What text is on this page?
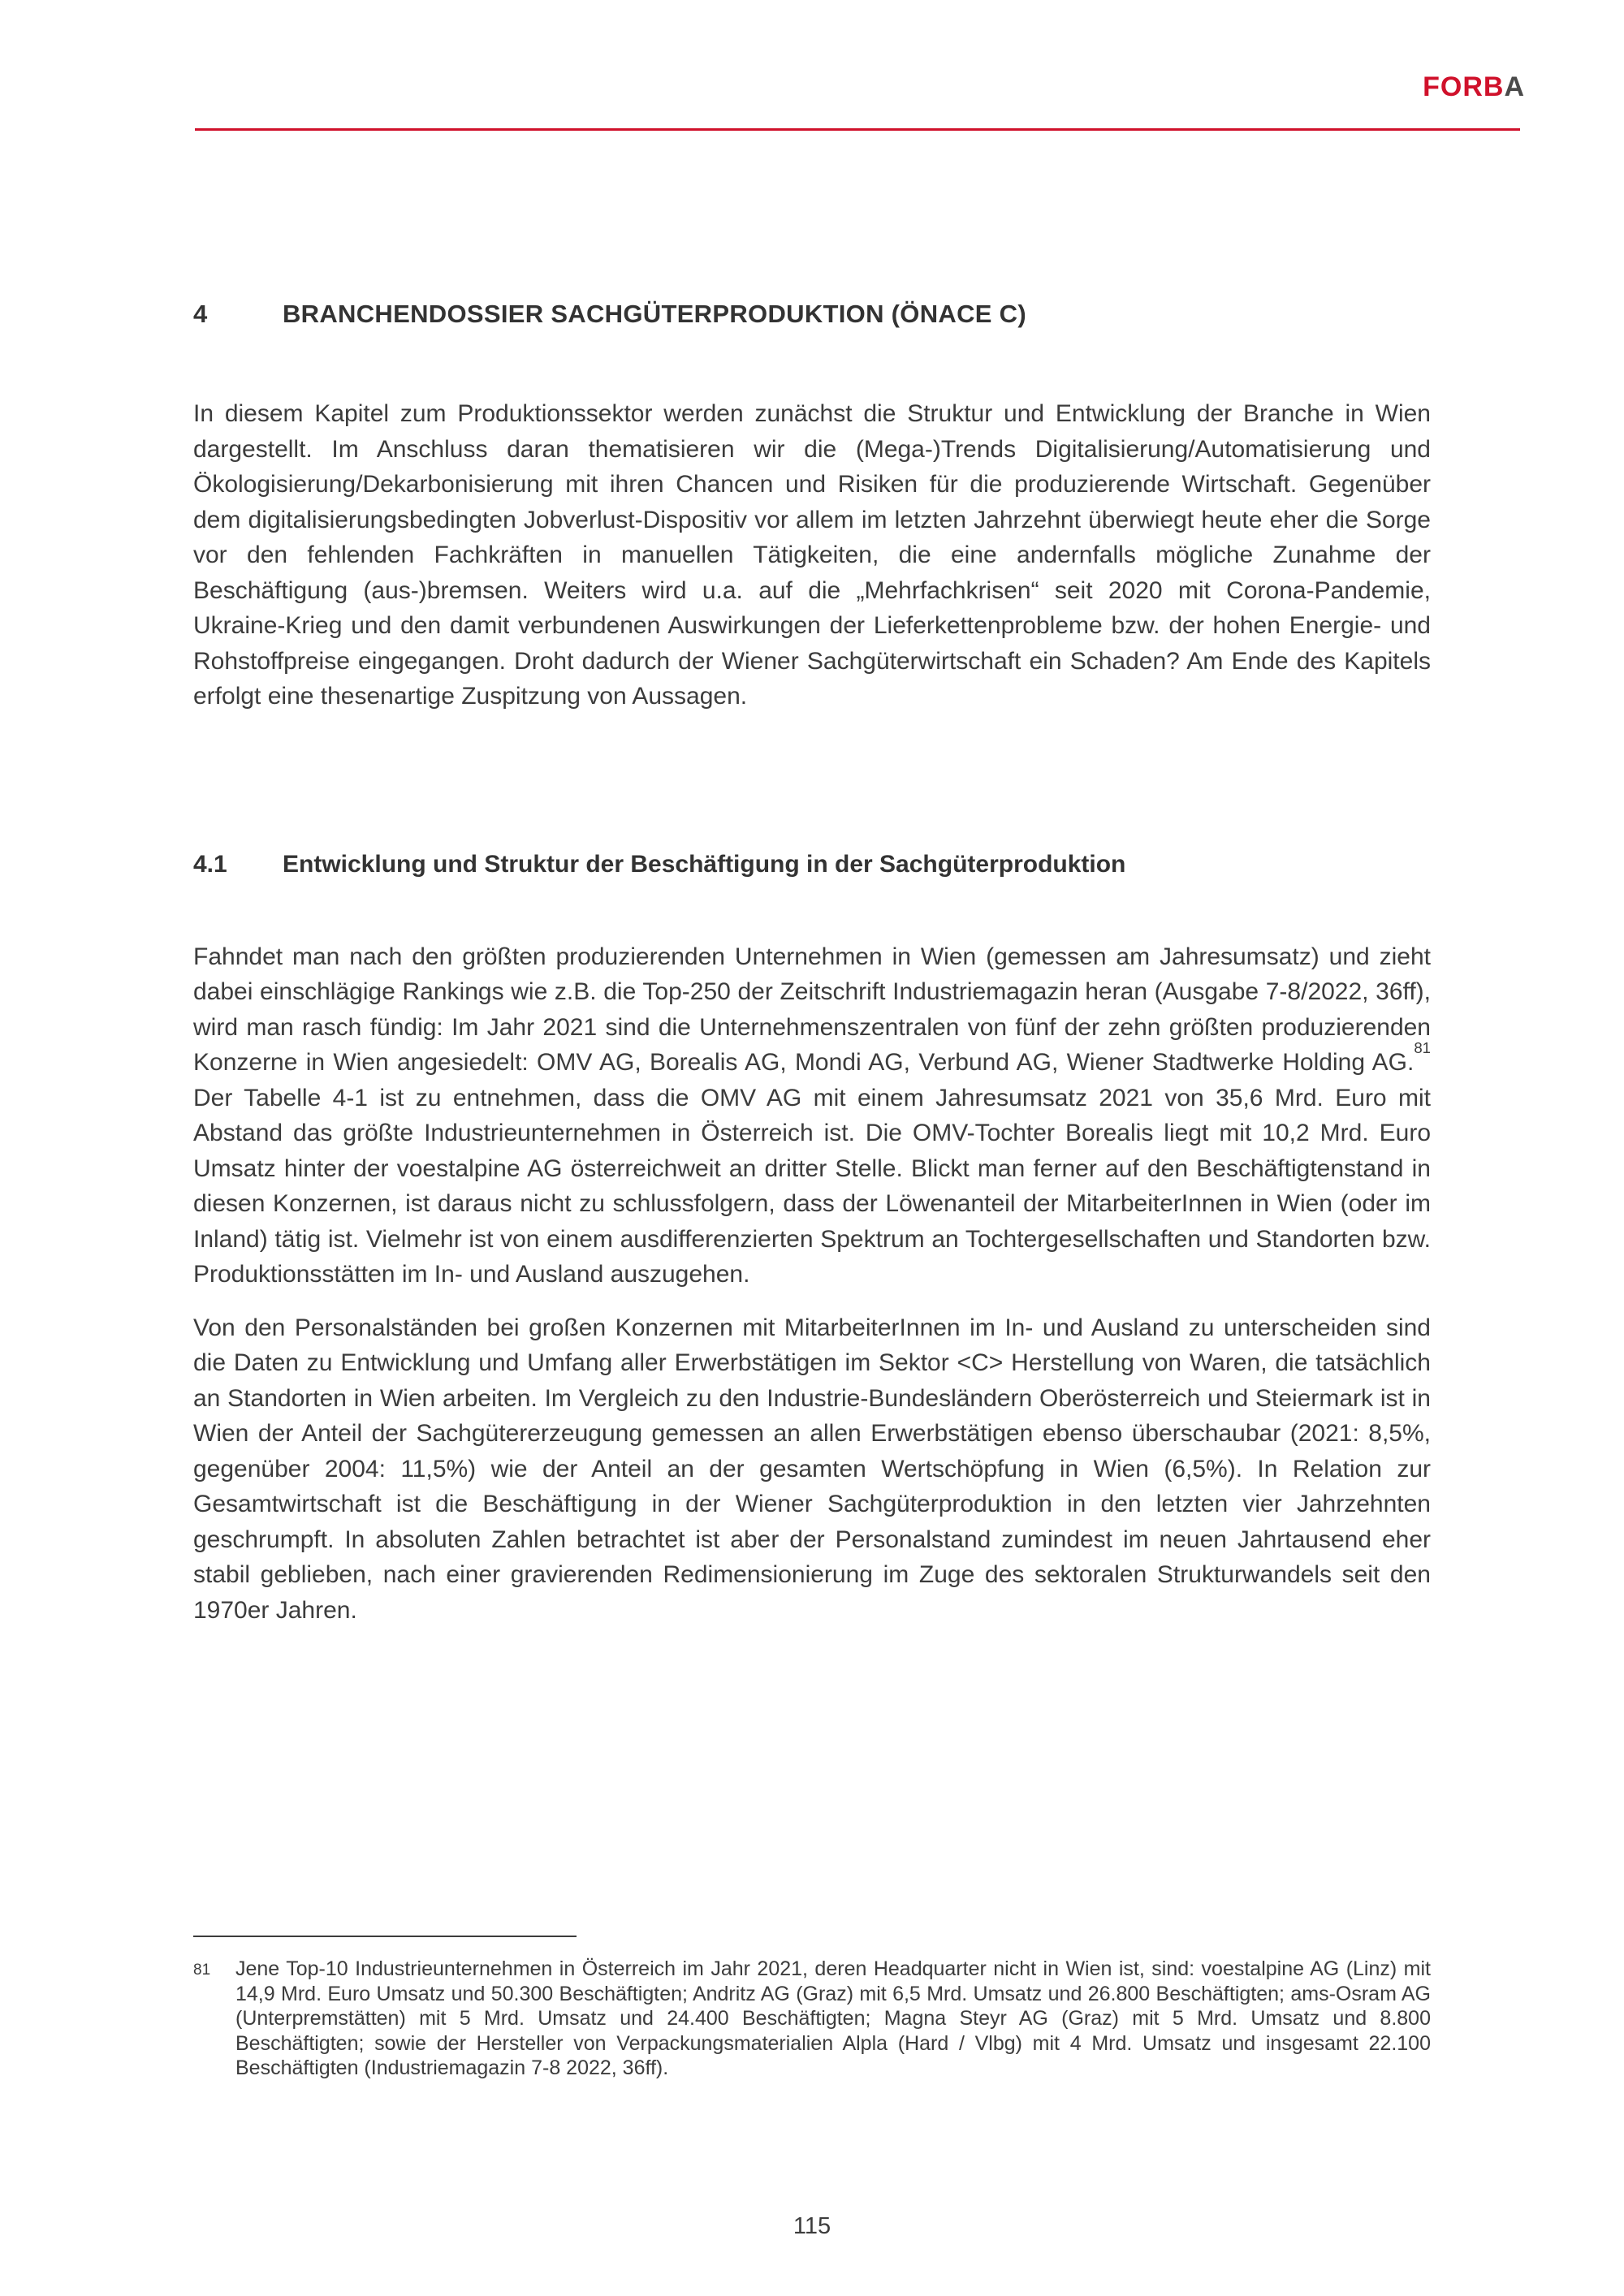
FORBA
4	BRANCHENDOSSIER SACHGÜTERPRODUKTION (ÖNACE C)

In diesem Kapitel zum Produktionssektor werden zunächst die Struktur und Entwicklung der Branche in Wien dargestellt. Im Anschluss daran thematisieren wir die (Mega-)Trends Digitalisierung/Automatisierung und Ökologisierung/Dekarbonisierung mit ihren Chancen und Risiken für die produzierende Wirtschaft. Gegenüber dem digitalisierungsbedingten Jobverlust-Dispositiv vor allem im letzten Jahrzehnt überwiegt heute eher die Sorge vor den fehlenden Fachkräften in manuellen Tätigkeiten, die eine andernfalls mögliche Zunahme der Beschäftigung (aus-)bremsen. Weiters wird u.a. auf die „Mehrfachkrisen“ seit 2020 mit Corona-Pandemie, Ukraine-Krieg und den damit verbundenen Auswirkungen der Lieferkettenprobleme bzw. der hohen Energie- und Rohstoffpreise eingegangen. Droht dadurch der Wiener Sachgüterwirtschaft ein Schaden? Am Ende des Kapitels erfolgt eine thesenartige Zuspitzung von Aussagen.

4.1	Entwicklung und Struktur der Beschäftigung in der Sachgüterproduktion

Fahndet man nach den größten produzierenden Unternehmen in Wien (gemessen am Jahresumsatz) und zieht dabei einschlägige Rankings wie z.B. die Top-250 der Zeitschrift Industriemagazin heran (Ausgabe 7-8/2022, 36ff), wird man rasch fündig: Im Jahr 2021 sind die Unternehmenszentralen von fünf der zehn größten produzierenden Konzerne in Wien angesiedelt: OMV AG, Borealis AG, Mondi AG, Verbund AG, Wiener Stadtwerke Holding AG.$^{81}$ Der Tabelle 4-1 ist zu entnehmen, dass die OMV AG mit einem Jahresumsatz 2021 von 35,6 Mrd. Euro mit Abstand das größte Industrieunternehmen in Österreich ist. Die OMV-Tochter Borealis liegt mit 10,2 Mrd. Euro Umsatz hinter der voestalpine AG österreichweit an dritter Stelle. Blickt man ferner auf den Beschäftigtenstand in diesen Konzernen, ist daraus nicht zu schlussfolgern, dass der Löwenanteil der MitarbeiterInnen in Wien (oder im Inland) tätig ist. Vielmehr ist von einem ausdifferenzierten Spektrum an Tochtergesellschaften und Standorten bzw. Produktionsstätten im In- und Ausland auszugehen.

Von den Personalständen bei großen Konzernen mit MitarbeiterInnen im In- und Ausland zu unterscheiden sind die Daten zu Entwicklung und Umfang aller Erwerbstätigen im Sektor <C> Herstellung von Waren, die tatsächlich an Standorten in Wien arbeiten. Im Vergleich zu den Industrie-Bundesländern Oberösterreich und Steiermark ist in Wien der Anteil der Sachgütererzeugung gemessen an allen Erwerbstätigen ebenso überschaubar (2021: 8,5%, gegenüber 2004: 11,5%) wie der Anteil an der gesamten Wertschöpfung in Wien (6,5%). In Relation zur Gesamtwirtschaft ist die Beschäftigung in der Wiener Sachgüterproduktion in den letzten vier Jahrzehnten geschrumpft. In absoluten Zahlen betrachtet ist aber der Personalstand zumindest im neuen Jahrtausend eher stabil geblieben, nach einer gravierenden Redimensionierung im Zuge des sektoralen Strukturwandels seit den 1970er Jahren.

81	Jene Top-10 Industrieunternehmen in Österreich im Jahr 2021, deren Headquarter nicht in Wien ist, sind: voestalpine AG (Linz) mit 14,9 Mrd. Euro Umsatz und 50.300 Beschäftigten; Andritz AG (Graz) mit 6,5 Mrd. Umsatz und 26.800 Beschäftigten; ams-Osram AG (Unterpremstätten) mit 5 Mrd. Umsatz und 24.400 Beschäftigten; Magna Steyr AG (Graz) mit 5 Mrd. Umsatz und 8.800 Beschäftigten; sowie der Hersteller von Verpackungsmaterialien Alpla (Hard / Vlbg) mit 4 Mrd. Umsatz und insgesamt 22.100 Beschäftigten (Industriemagazin 7-8 2022, 36ff).
115
